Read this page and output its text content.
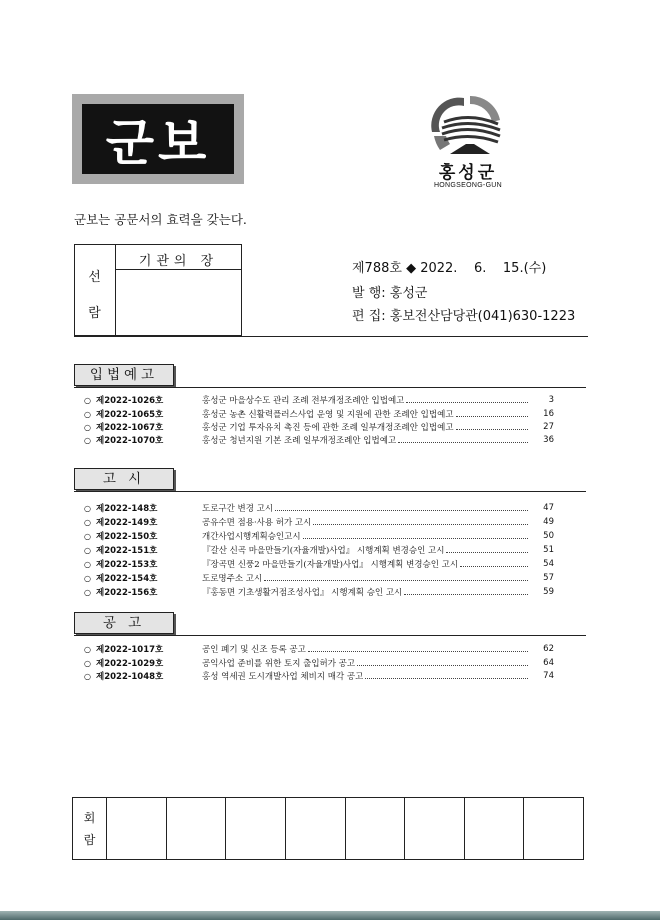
군보
홍성군
HONGSEONG-GUN
군보는 공문서의 효력을 갖는다.
선
람
기관의 장	제788호 ◆ 2022. 6. 15.(수)
발 행: 홍성군
편 집: 홍보전산담당관(041)630-1223
입법예고
○ 제2022-1026호	홍성군 마을상수도 관리 조례 전부개정조례안 입법예고	3
○ 제2022-1065호	홍성군 농촌 신활력플러스사업 운영 및 지원에 관한 조례안 입법예고	16
○ 제2022-1067호	홍성군 기업 투자유치 촉진 등에 관한 조례 일부개정조례안 입법예고	27
○ 제2022-1070호	홍성군 청년지원 기본 조례 일부개정조례안 입법예고	36
고 시
○ 제2022-148호	도로구간 변경 고시	47
○ 제2022-149호	공유수면 점용·사용 허가 고시	49
○ 제2022-150호	개간사업시행계획승인고시	50
○ 제2022-151호	『갈산 신곡 마을만들기(자율개발)사업』 시행계획 변경승인 고시	51
○ 제2022-153호	『장곡면 신풍2 마을만들기(자율개발)사업』 시행계획 변경승인 고시	54
○ 제2022-154호	도로명주소 고시	57
○ 제2022-156호	『홍동면 기초생활거점조성사업』 시행계획 승인 고시	59
공 고
○ 제2022-1017호	공인 폐기 및 신조 등록 공고	62
○ 제2022-1029호	공익사업 준비를 위한 토지 출입허가 공고	64
○ 제2022-1048호	홍성 역세권 도시개발사업 체비지 매각 공고	74
회
람
